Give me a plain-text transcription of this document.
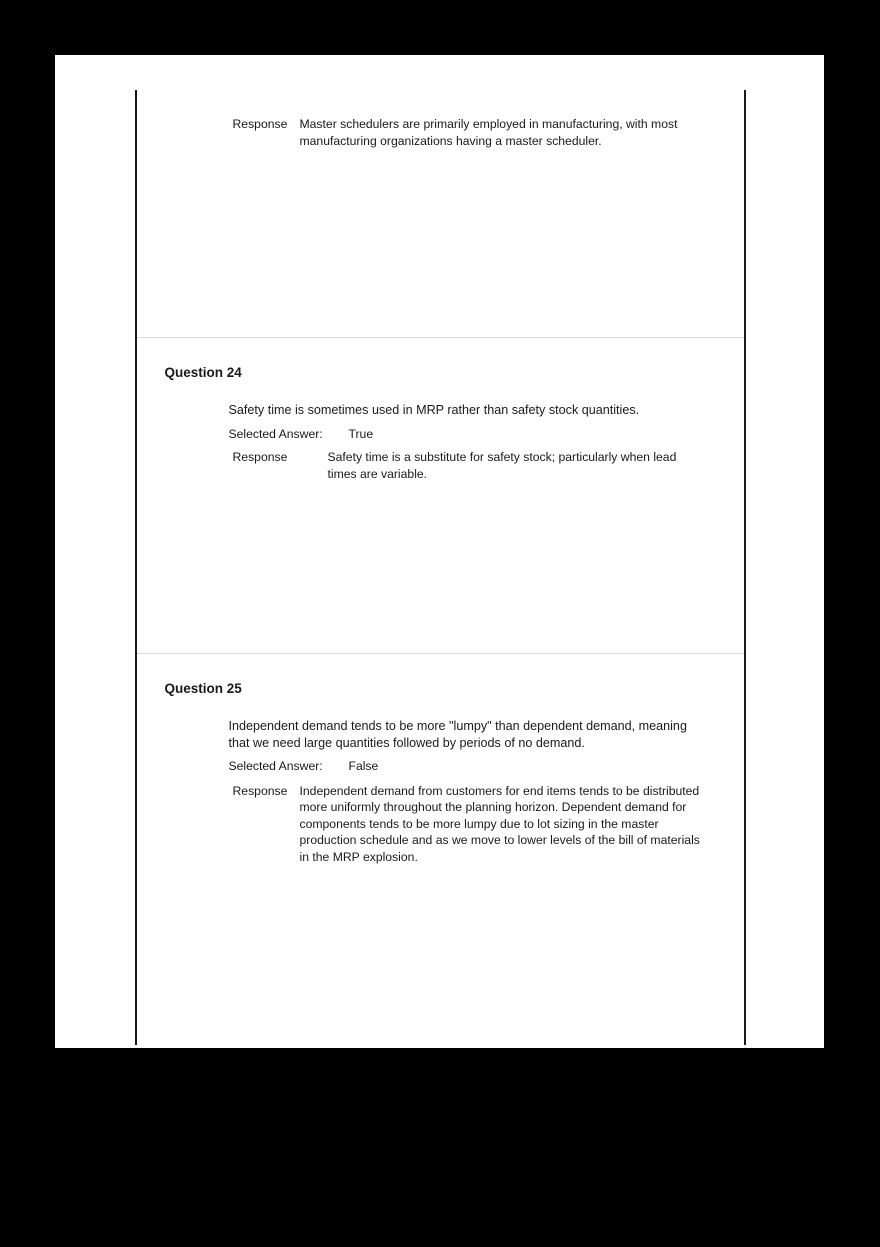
Response Master schedulers are primarily employed in manufacturing, with most manufacturing organizations having a master scheduler.
Question 24

Safety time is sometimes used in MRP rather than safety stock quantities.

Selected Answer: True
Response	Safety time is a substitute for safety stock; particularly when lead times are variable.
Question 25

Independent demand tends to be more "lumpy" than dependent demand, meaning that we need large quantities followed by periods of no demand.

Selected Answer: False
Response Independent demand from customers for end items tends to be distributed more uniformly throughout the planning horizon. Dependent demand for components tends to be more lumpy due to lot sizing in the master production schedule and as we move to lower levels of the bill of materials in the MRP explosion.
